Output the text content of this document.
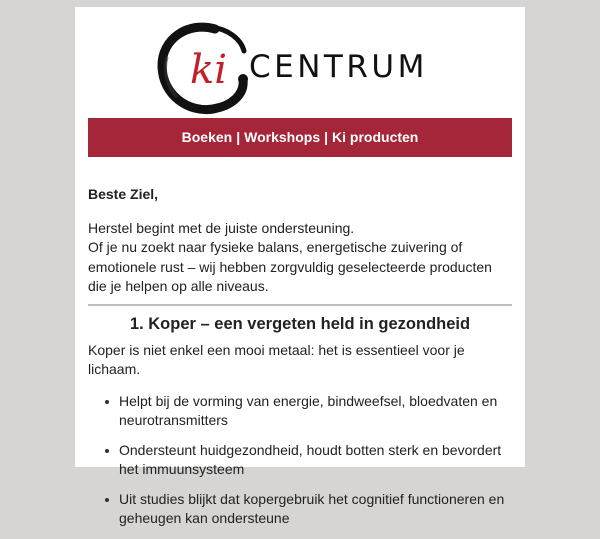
ki CENTRUM
Boeken | Workshops | Ki producten

Beste Ziel,

Herstel begint met de juiste ondersteuning.
Of je nu zoekt naar fysieke balans, energetische zuivering of emotionele rust – wij hebben zorgvuldig geselecteerde producten die je helpen op alle niveaus.

1. Koper – een vergeten held in gezondheid

Koper is niet enkel een mooi metaal: het is essentieel voor je lichaam.

Helpt bij de vorming van energie, bindweefsel, bloedvaten en neurotransmitters
Ondersteunt huidgezondheid, houdt botten sterk en bevordert het immuunsysteem
Uit studies blijkt dat kopergebruik het cognitief functioneren en geheugen kan ondersteune
